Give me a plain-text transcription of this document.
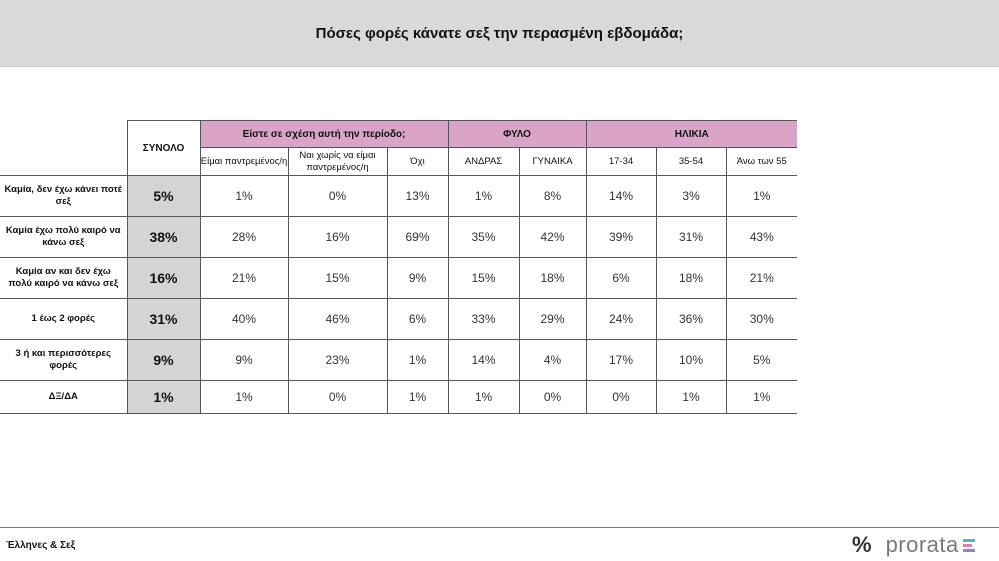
Πόσες φορές κάνατε σεξ την περασμένη εβδομάδα;
	ΣΥΝΟΛΟ	Είστε σε σχέση αυτή την περίοδο;			ΦΥΛΟ		ΗΛΙΚΙΑ		
		Είμαι παντρεμένος/η	Ναι χωρίς να είμαι παντρεμένος/η	Όχι	ΑΝΔΡΑΣ	ΓΥΝΑΙΚΑ	17-34	35-54	Άνω των 55
Καμία, δεν έχω κάνει ποτέ σεξ	5%	1%	0%	13%	1%	8%	14%	3%	1%
Καμία έχω πολύ καιρό να κάνω σεξ	38%	28%	16%	69%	35%	42%	39%	31%	43%
Καμία αν και δεν έχω πολύ καιρό να κάνω σεξ	16%	21%	15%	9%	15%	18%	6%	18%	21%
1 έως 2 φορές	31%	40%	46%	6%	33%	29%	24%	36%	30%
3 ή και περισσότερες φορές	9%	9%	23%	1%	14%	4%	17%	10%	5%
ΔΞ/ΔΑ	1%	1%	0%	1%	1%	0%	0%	1%	1%
Έλληνες & Σεξ	% prorata
